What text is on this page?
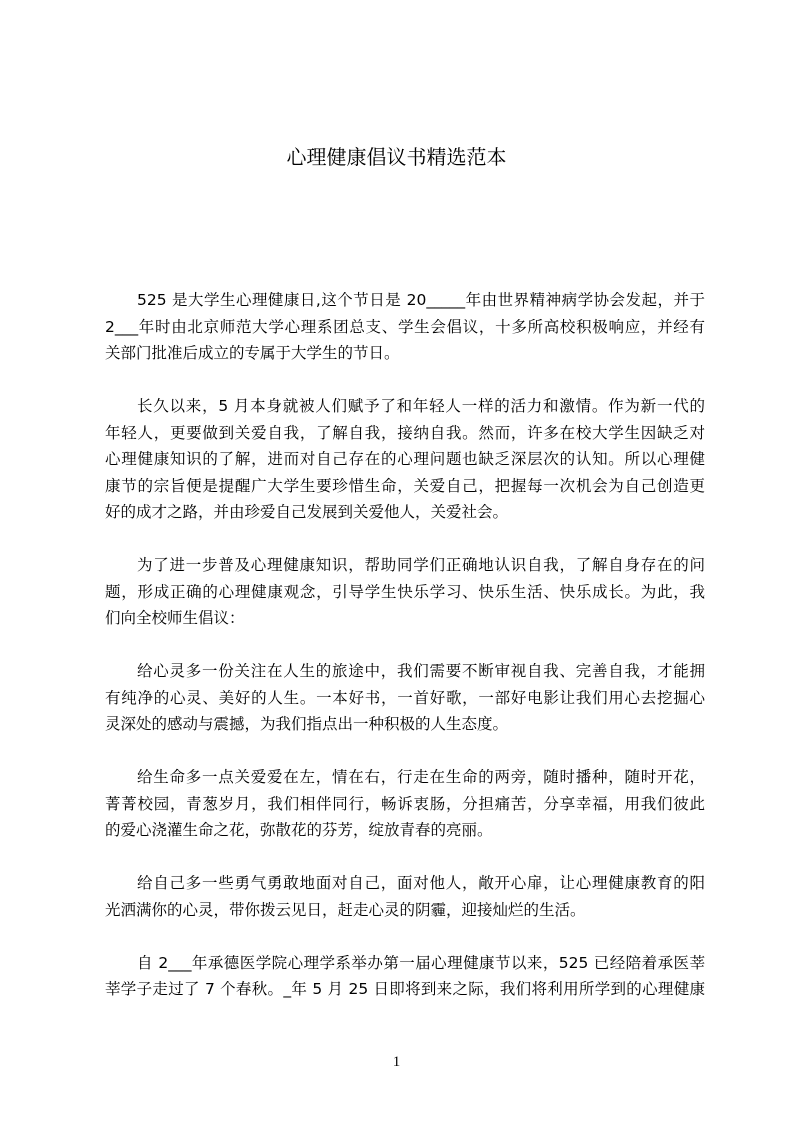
心理健康倡议书精选范本
525 是大学生心理健康日,这个节日是 20_____年由世界精神病学协会发起，并于
2___年时由北京师范大学心理系团总支、学生会倡议，十多所高校积极响应，并经有
关部门批准后成立的专属于大学生的节日。
长久以来，5 月本身就被人们赋予了和年轻人一样的活力和激情。作为新一代的
年轻人，更要做到关爱自我，了解自我，接纳自我。然而，许多在校大学生因缺乏对
心理健康知识的了解，进而对自己存在的心理问题也缺乏深层次的认知。所以心理健
康节的宗旨便是提醒广大学生要珍惜生命，关爱自己，把握每一次机会为自己创造更
好的成才之路，并由珍爱自己发展到关爱他人，关爱社会。
为了进一步普及心理健康知识，帮助同学们正确地认识自我，了解自身存在的问
题，形成正确的心理健康观念，引导学生快乐学习、快乐生活、快乐成长。为此，我
们向全校师生倡议：
给心灵多一份关注在人生的旅途中，我们需要不断审视自我、完善自我，才能拥
有纯净的心灵、美好的人生。一本好书，一首好歌，一部好电影让我们用心去挖掘心
灵深处的感动与震撼，为我们指点出一种积极的人生态度。
给生命多一点关爱爱在左，情在右，行走在生命的两旁，随时播种，随时开花，
菁菁校园，青葱岁月，我们相伴同行，畅诉衷肠，分担痛苦，分享幸福，用我们彼此
的爱心浇灌生命之花，弥散花的芬芳，绽放青春的亮丽。
给自己多一些勇气勇敢地面对自己，面对他人，敞开心扉，让心理健康教育的阳
光洒满你的心灵，带你拨云见日，赶走心灵的阴霾，迎接灿烂的生活。
自 2___年承德医学院心理学系举办第一届心理健康节以来，525 已经陪着承医莘
莘学子走过了 7 个春秋。_年 5 月 25 日即将到来之际，我们将利用所学到的心理健康
1
